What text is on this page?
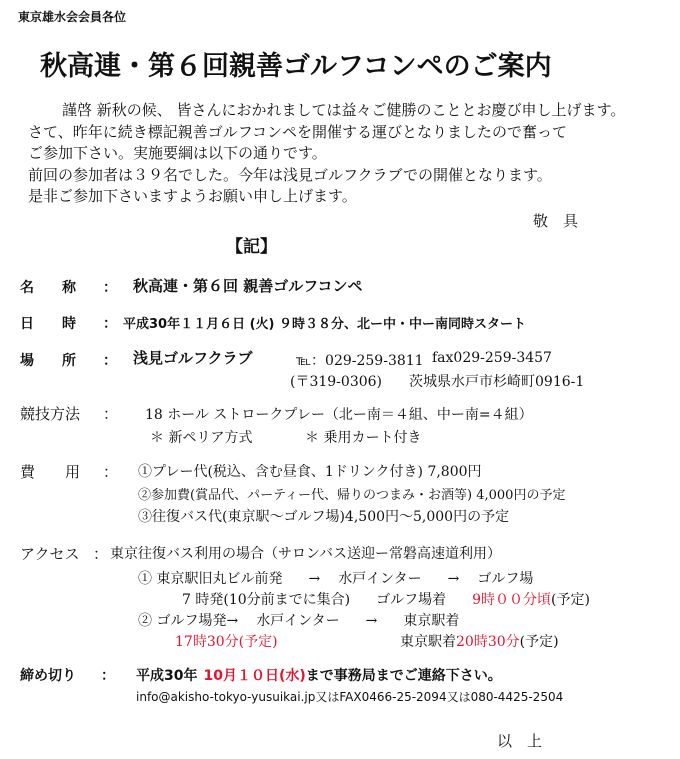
東京雄水会会員各位
秋高連・第６回親善ゴルフコンペのご案内
謹啓 新秋の候、 皆さんにおかれましては益々ご健勝のこととお慶び申し上げます。
さて、昨年に続き標記親善ゴルフコンペを開催する運びとなりましたので奮って
ご参加下さい。実施要綱は以下の通りです。
前回の参加者は３９名でした。今年は浅見ゴルフクラブでの開催となります。
是非ご参加下さいますようお願い申し上げます。
敬　具
【記】
名　　称 ： 秋高連・第６回 親善ゴルフコンペ
日　　時 ： 平成30年１１月６日 (火) ９時３８分、北ー中・中ー南同時スタート
場　　所 ： 浅見ゴルフクラブ	℡：029-259-3811 fax029-259-3457
(〒319-0306) 茨城県水戸市杉崎町0916-1
競技方法 ： 18 ホール ストロークプレー（北ー南＝４組、中ー南=４組）
＊ 新ペリア方式	＊ 乗用カート付き
費　　用 ： ①プレー代(税込、含む昼食、1ドリンク付き) 7,800円
②参加費(賞品代、パーティー代、帰りのつまみ・お酒等) 4,000円の予定
③往復バス代(東京駅～ゴルフ場)4,500円～5,000円の予定
アクセス ： 東京往復バス利用の場合（サロンバス送迎ー常磐高速道利用）
① 東京駅旧丸ビル前発 → 水戸インター → ゴルフ場
7 時発(10分前までに集合) ゴルフ場着 9時００分頃(予定)
② ゴルフ場発→ 水戸インター → 東京駅着
17時30分(予定)	東京駅着20時30分(予定)
締め切り ： 平成30年 10月１０日(水)まで事務局までご連絡下さい。
info@akisho-tokyo-yusuikai.jp又はFAX0466-25-2094又は080-4425-2504
以　上
